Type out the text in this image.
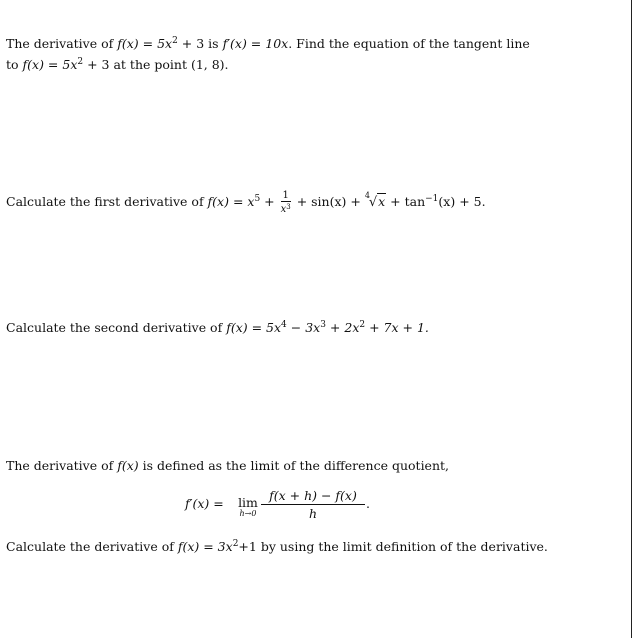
The derivative of $f(x) = 5x^2 + 3$ is f′(x) = 10x. Find the equation of the tangent line
to $f(x) = 5x^2 + 3$ at the point (1, 8).
Calculate the first derivative of $f(x) = x^5 + \frac{1}{x^3} + \sin(x) + 4$
$√x + \tan^{-1}(x) + 5$.
Calculate the second derivative of $f(x) = 5x^4 - 3x^3 + 2x^2 + 7x + 1$.
The derivative of f(x) is defined as the limit of the difference quotient,
f′(x) = lim
$h\to 0 \frac{f(x + h) - f(x)}{h}$ .
Calculate the derivative of $f(x) = 3x^2+1$ by using the limit definition of the derivative.
